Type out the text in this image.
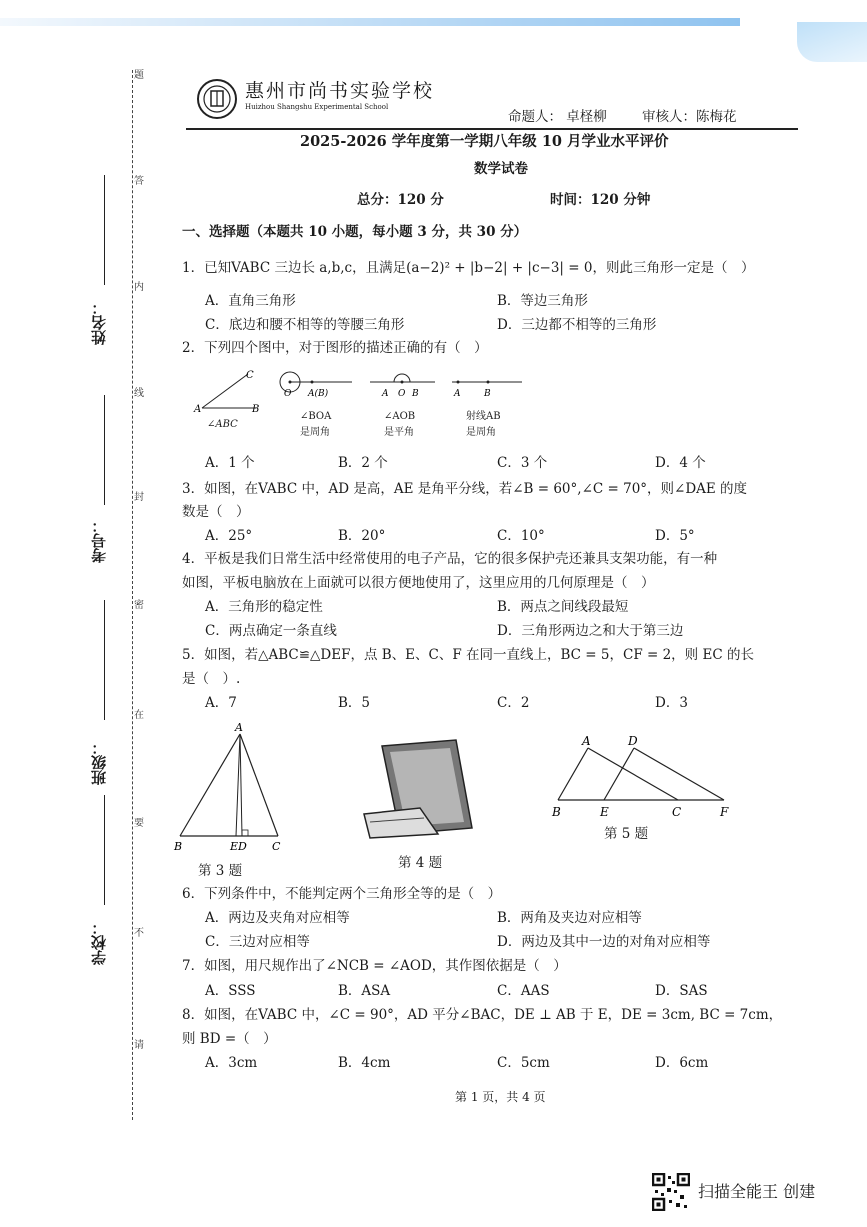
题
答
内
线
封
密
在
要
不
请
姓名：
考号：
班级：
学校：
惠州市尚书实验学校
Huizhou Shangshu Experimental School
命题人： 卓柽柳	审核人：陈梅花
2025-2026 学年度第一学期八年级 10 月学业水平评价
数学试卷
总分：120 分	时间：120 分钟
一、选择题（本题共 10 小题，每小题 3 分，共 30 分）
1．已知VABC 三边长 a,b,c，且满足(a−2)² + |b−2| + |c−3| = 0，则此三角形一定是（　）
A．直角三角形	B．等边三角形
C．底边和腰不相等的等腰三角形	D．三边都不相等的三角形
2．下列四个图中，对于图形的描述正确的有（　）
C
A	B
O A(B)	A O B	A	B
∠ABC
∠BOA
是周角
∠AOB
是平角
射线AB
是周角
A．1 个	B．2 个	C．3 个	D．4 个
3．如图，在VABC 中，AD 是高，AE 是角平分线，若∠B = 60°,∠C = 70°，则∠DAE 的度
数是（　）
A．25°	B．20°	C．10°	D．5°
4．平板是我们日常生活中经常使用的电子产品，它的很多保护壳还兼具支架功能，有一种
如图，平板电脑放在上面就可以很方便地使用了，这里应用的几何原理是（　）
A．三角形的稳定性	B．两点之间线段最短
C．两点确定一条直线	D．三角形两边之和大于第三边
5．如图，若△ABC≌△DEF，点 B、E、C、F 在同一直线上，BC = 5，CF = 2，则 EC 的长
是（　）.
A．7	B．5	C．2	D．3
A
B	ED C
第 3 题	第 4 题
A	D
B	E	C	F
第 5 题
6．下列条件中，不能判定两个三角形全等的是（　）
A．两边及夹角对应相等	B．两角及夹边对应相等
C．三边对应相等	D．两边及其中一边的对角对应相等
7．如图，用尺规作出了∠NCB = ∠AOD，其作图依据是（　）
A．SSS	B．ASA	C．AAS	D．SAS
8．如图，在VABC 中，∠C = 90°，AD 平分∠BAC，DE ⊥ AB 于 E，DE = 3cm, BC = 7cm，
则 BD =（　）
A．3cm	B．4cm	C．5cm	D．6cm
第 1 页，共 4 页
扫描全能王 创建
